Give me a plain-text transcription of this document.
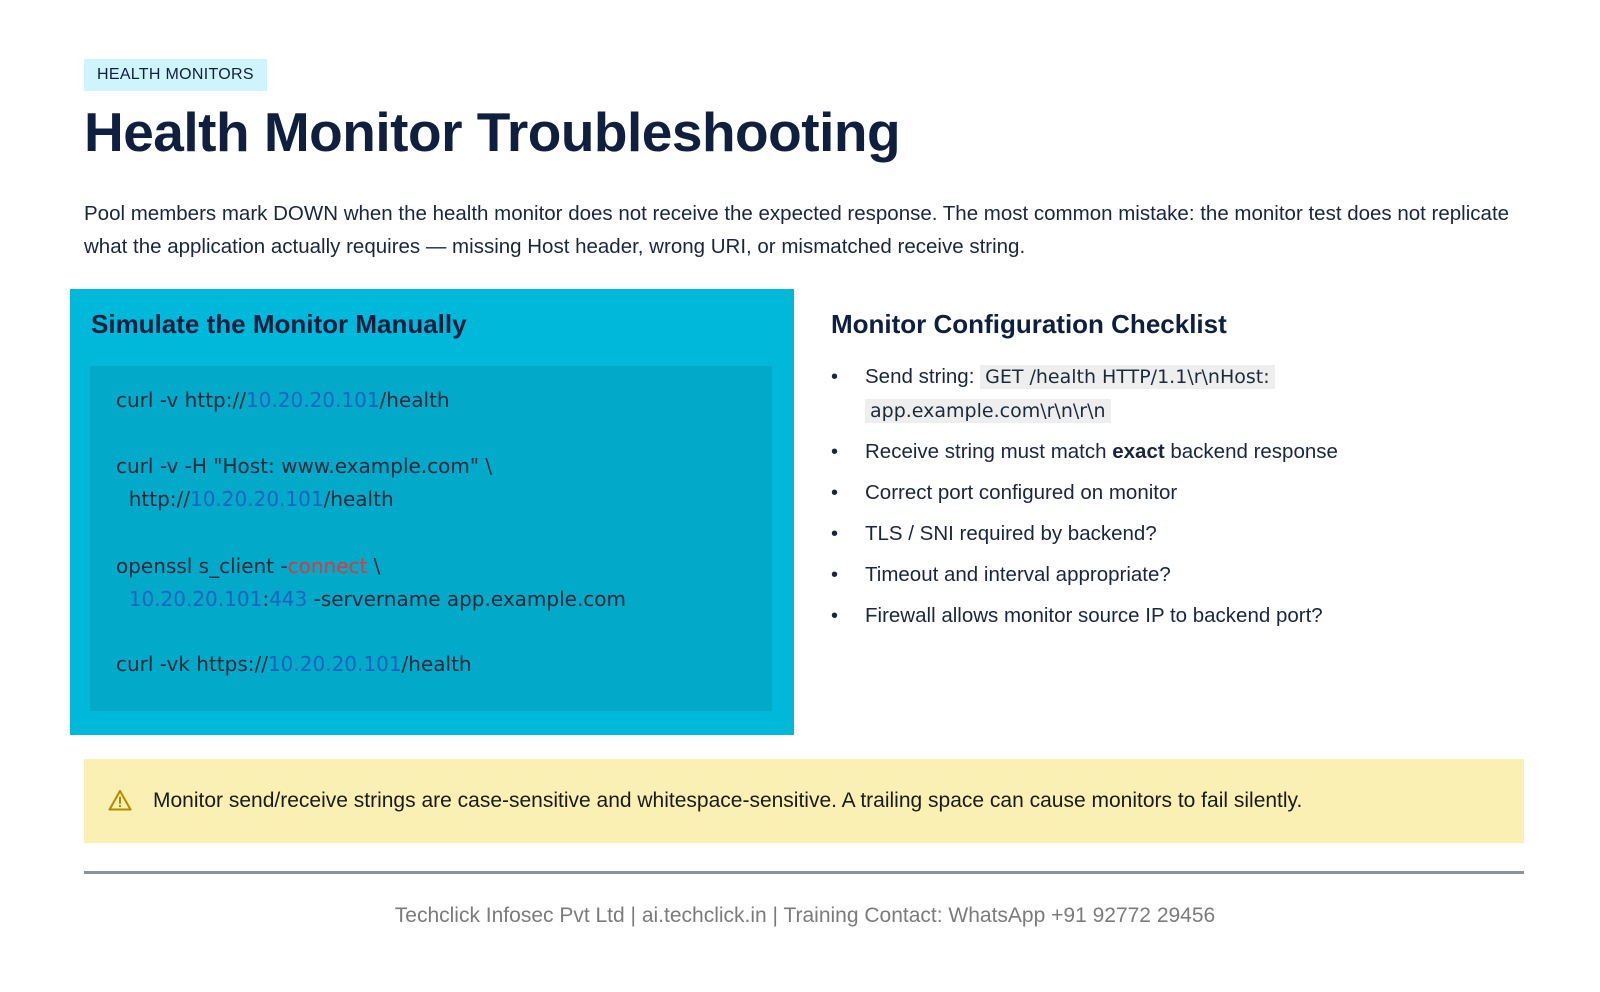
HEALTH MONITORS
Health Monitor Troubleshooting

Pool members mark DOWN when the health monitor does not receive the expected response. The most common mistake: the monitor test does not replicate what the application actually requires — missing Host header, wrong URI, or mismatched receive string.

Simulate the Monitor Manually
curl -v http://10.20.20.101/health
curl -v -H "Host: www.example.com" \
http://10.20.20.101/health
openssl s_client -connect \
10.20.20.101:443 -servername app.example.com
curl -vk https://10.20.20.101/health
Monitor Configuration Checklist
• Send string: GET /health HTTP/1.1\r\nHost:
app.example.com\r\n\r\n
• Receive string must match exact backend response
• Correct port configured on monitor
• TLS / SNI required by backend?
• Timeout and interval appropriate?
• Firewall allows monitor source IP to backend port?
Monitor send/receive strings are case-sensitive and whitespace-sensitive. A trailing space can cause monitors to fail silently.
Techclick Infosec Pvt Ltd | ai.techclick.in | Training Contact: WhatsApp +91 92772 29456
